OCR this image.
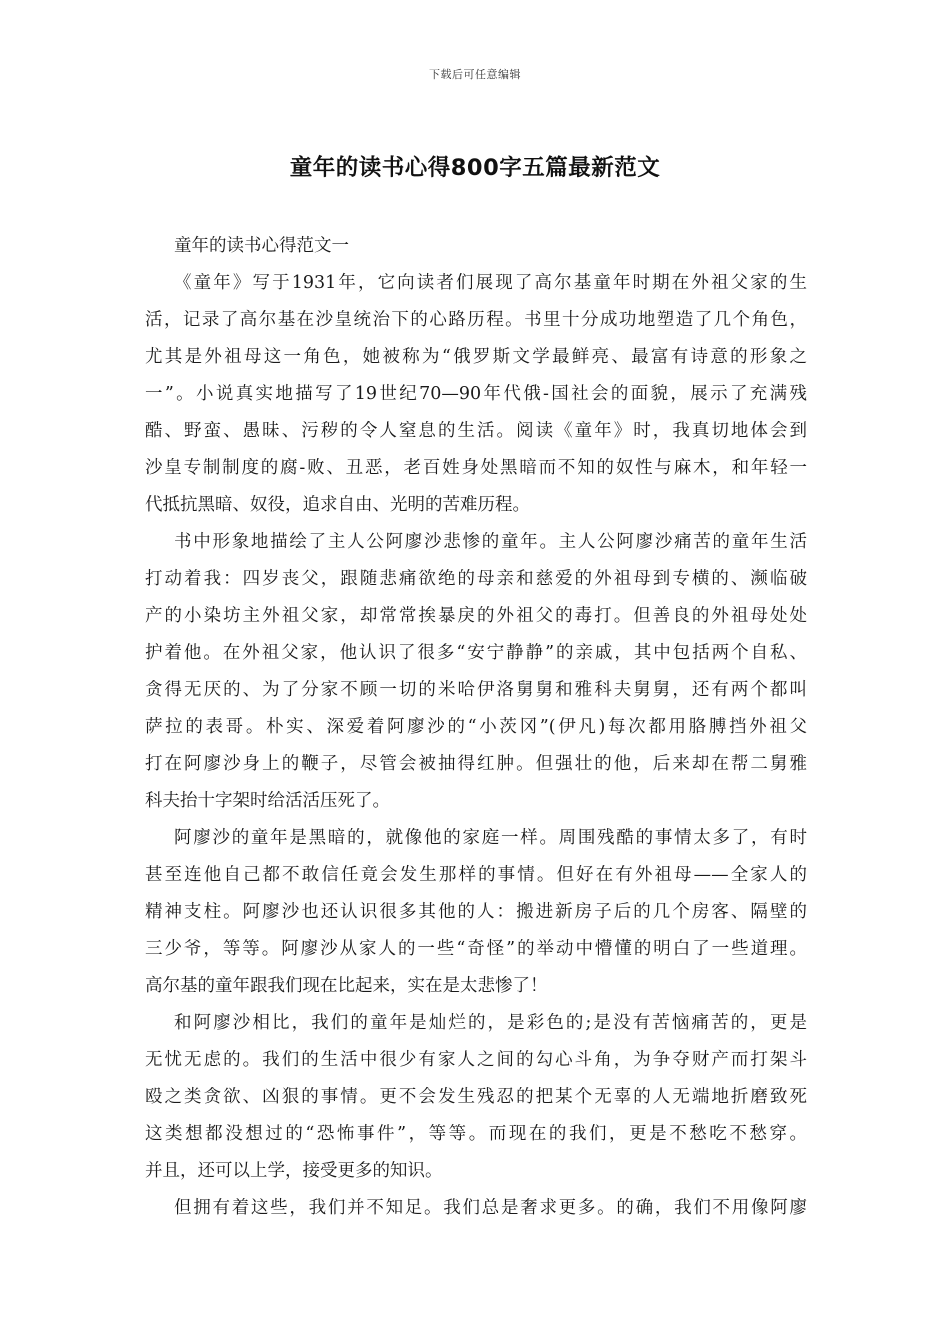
下载后可任意编辑
童年的读书心得800字五篇最新范文
童年的读书心得范文一
《童年》写于1931年，它向读者们展现了高尔基童年时期在外祖父家的生
活，记录了高尔基在沙皇统治下的心路历程。书里十分成功地塑造了几个角色，
尤其是外祖母这一角色，她被称为“俄罗斯文学最鲜亮、最富有诗意的形象之
一”。小说真实地描写了19世纪70—90年代俄-国社会的面貌，展示了充满残
酷、野蛮、愚昧、污秽的令人窒息的生活。阅读《童年》时，我真切地体会到
沙皇专制制度的腐-败、丑恶，老百姓身处黑暗而不知的奴性与麻木，和年轻一
代抵抗黑暗、奴役，追求自由、光明的苦难历程。
书中形象地描绘了主人公阿廖沙悲惨的童年。主人公阿廖沙痛苦的童年生活
打动着我：四岁丧父，跟随悲痛欲绝的母亲和慈爱的外祖母到专横的、濒临破
产的小染坊主外祖父家，却常常挨暴戾的外祖父的毒打。但善良的外祖母处处
护着他。在外祖父家，他认识了很多“安宁静静”的亲戚，其中包括两个自私、
贪得无厌的、为了分家不顾一切的米哈伊洛舅舅和雅科夫舅舅，还有两个都叫
萨拉的表哥。朴实、深爱着阿廖沙的“小茨冈”(伊凡)每次都用胳膊挡外祖父
打在阿廖沙身上的鞭子，尽管会被抽得红肿。但强壮的他，后来却在帮二舅雅
科夫抬十字架时给活活压死了。
阿廖沙的童年是黑暗的，就像他的家庭一样。周围残酷的事情太多了，有时
甚至连他自己都不敢信任竟会发生那样的事情。但好在有外祖母——全家人的
精神支柱。阿廖沙也还认识很多其他的人：搬进新房子后的几个房客、隔壁的
三少爷，等等。阿廖沙从家人的一些“奇怪”的举动中懵懂的明白了一些道理。
高尔基的童年跟我们现在比起来，实在是太悲惨了！
和阿廖沙相比，我们的童年是灿烂的，是彩色的;是没有苦恼痛苦的，更是
无忧无虑的。我们的生活中很少有家人之间的勾心斗角，为争夺财产而打架斗
殴之类贪欲、凶狠的事情。更不会发生残忍的把某个无辜的人无端地折磨致死
这类想都没想过的“恐怖事件”，等等。而现在的我们，更是不愁吃不愁穿。
并且，还可以上学，接受更多的知识。
但拥有着这些，我们并不知足。我们总是奢求更多。的确，我们不用像阿廖
